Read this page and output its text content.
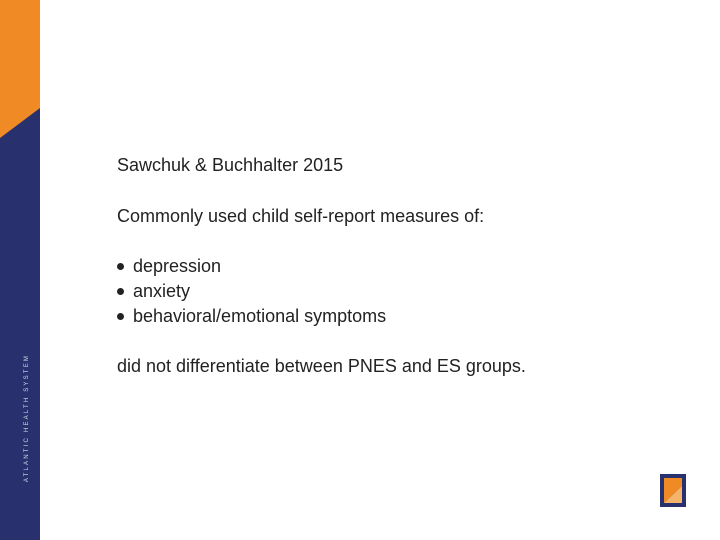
ATLANTIC HEALTH SYSTEM

Sawchuk & Buchhalter 2015

Commonly used child self-report measures of:

depression
anxiety
behavioral/emotional symptoms

did not differentiate between PNES and ES groups.
